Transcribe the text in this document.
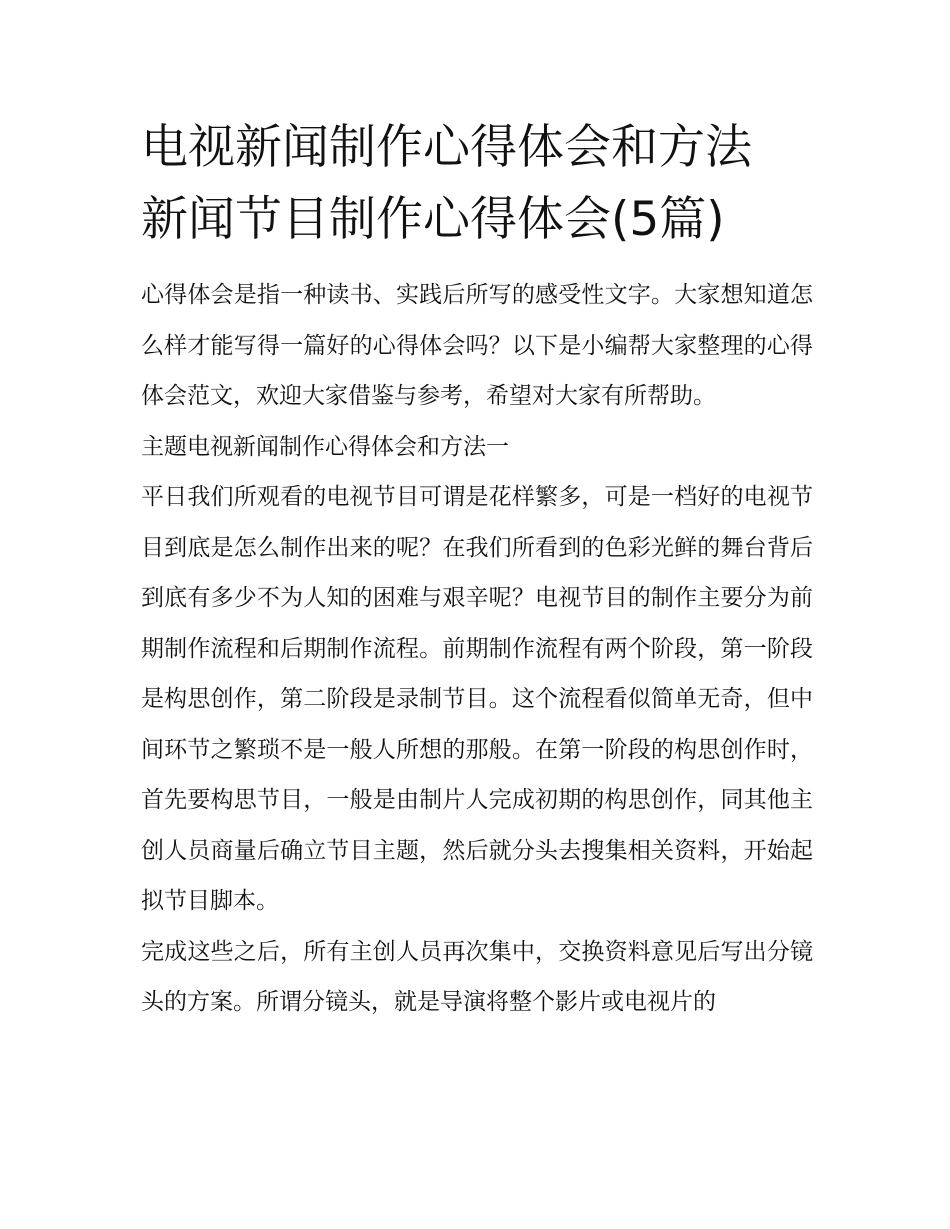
电视新闻制作心得体会和方法
新闻节目制作心得体会(5篇)

心得体会是指一种读书、实践后所写的感受性文字。大家想知道怎么样才能写得一篇好的心得体会吗？以下是小编帮大家整理的心得体会范文，欢迎大家借鉴与参考，希望对大家有所帮助。

主题电视新闻制作心得体会和方法一

平日我们所观看的电视节目可谓是花样繁多，可是一档好的电视节目到底是怎么制作出来的呢？在我们所看到的色彩光鲜的舞台背后到底有多少不为人知的困难与艰辛呢？电视节目的制作主要分为前期制作流程和后期制作流程。前期制作流程有两个阶段，第一阶段是构思创作，第二阶段是录制节目。这个流程看似简单无奇，但中间环节之繁琐不是一般人所想的那般。在第一阶段的构思创作时，首先要构思节目，一般是由制片人完成初期的构思创作，同其他主创人员商量后确立节目主题，然后就分头去搜集相关资料，开始起拟节目脚本。

完成这些之后，所有主创人员再次集中，交换资料意见后写出分镜头的方案。所谓分镜头，就是导演将整个影片或电视片的
